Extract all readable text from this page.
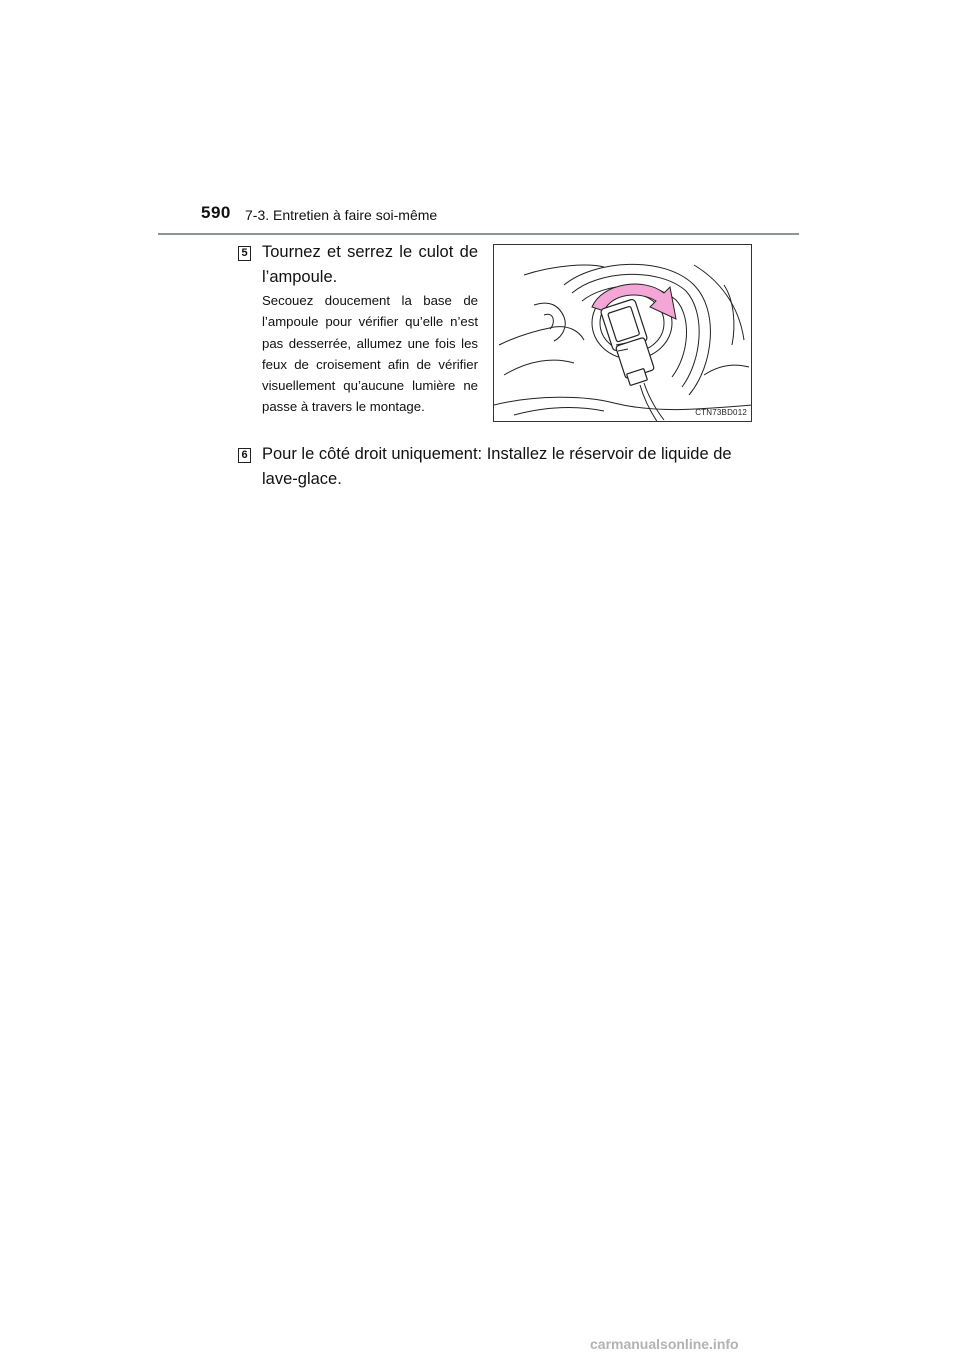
590 7-3. Entretien à faire soi-même
5 Tournez et serrez le culot de l’ampoule.
Secouez doucement la base de l’ampoule pour vérifier qu’elle n’est pas desserrée, allumez une fois les feux de croisement afin de vérifier visuellement qu’aucune lumière ne passe à travers le montage.	CTN73BD012
6 Pour le côté droit uniquement: Installez le réservoir de liquide de lave-glace.
carmanualsonline.info
